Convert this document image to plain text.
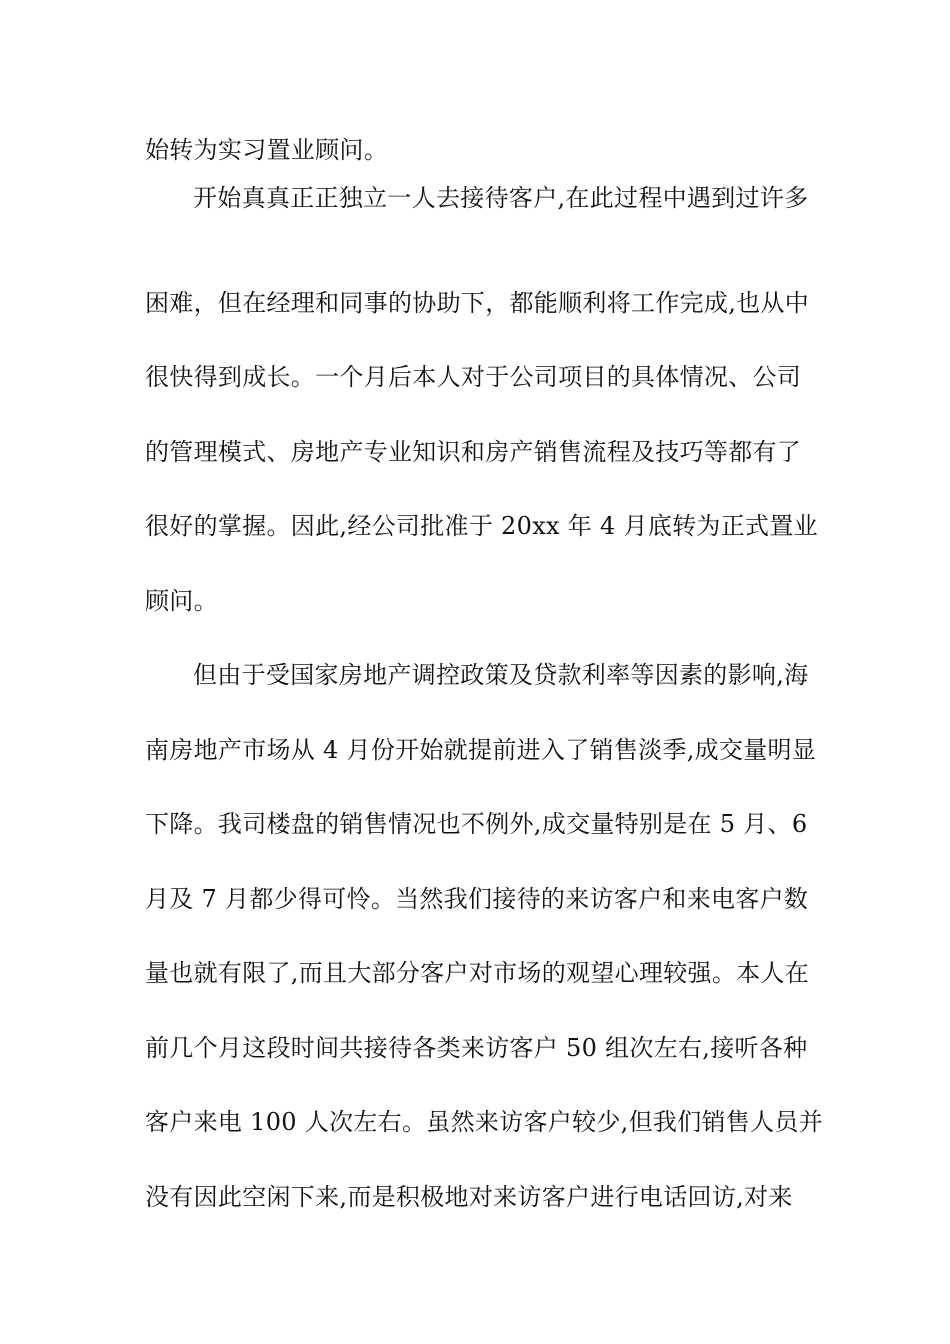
始转为实习置业顾问。
开始真真正正独立一人去接待客户,在此过程中遇到过许多
困难，但在经理和同事的协助下，都能顺利将工作完成,也从中
很快得到成长。一个月后本人对于公司项目的具体情况、公司
的管理模式、房地产专业知识和房产销售流程及技巧等都有了
很好的掌握。因此,经公司批准于 20xx 年 4 月底转为正式置业
顾问。
但由于受国家房地产调控政策及贷款利率等因素的影响,海
南房地产市场从 4 月份开始就提前进入了销售淡季,成交量明显
下降。我司楼盘的销售情况也不例外,成交量特别是在 5 月、6
月及 7 月都少得可怜。当然我们接待的来访客户和来电客户数
量也就有限了,而且大部分客户对市场的观望心理较强。本人在
前几个月这段时间共接待各类来访客户 50 组次左右,接听各种
客户来电 100 人次左右。虽然来访客户较少,但我们销售人员并
没有因此空闲下来,而是积极地对来访客户进行电话回访,对来
